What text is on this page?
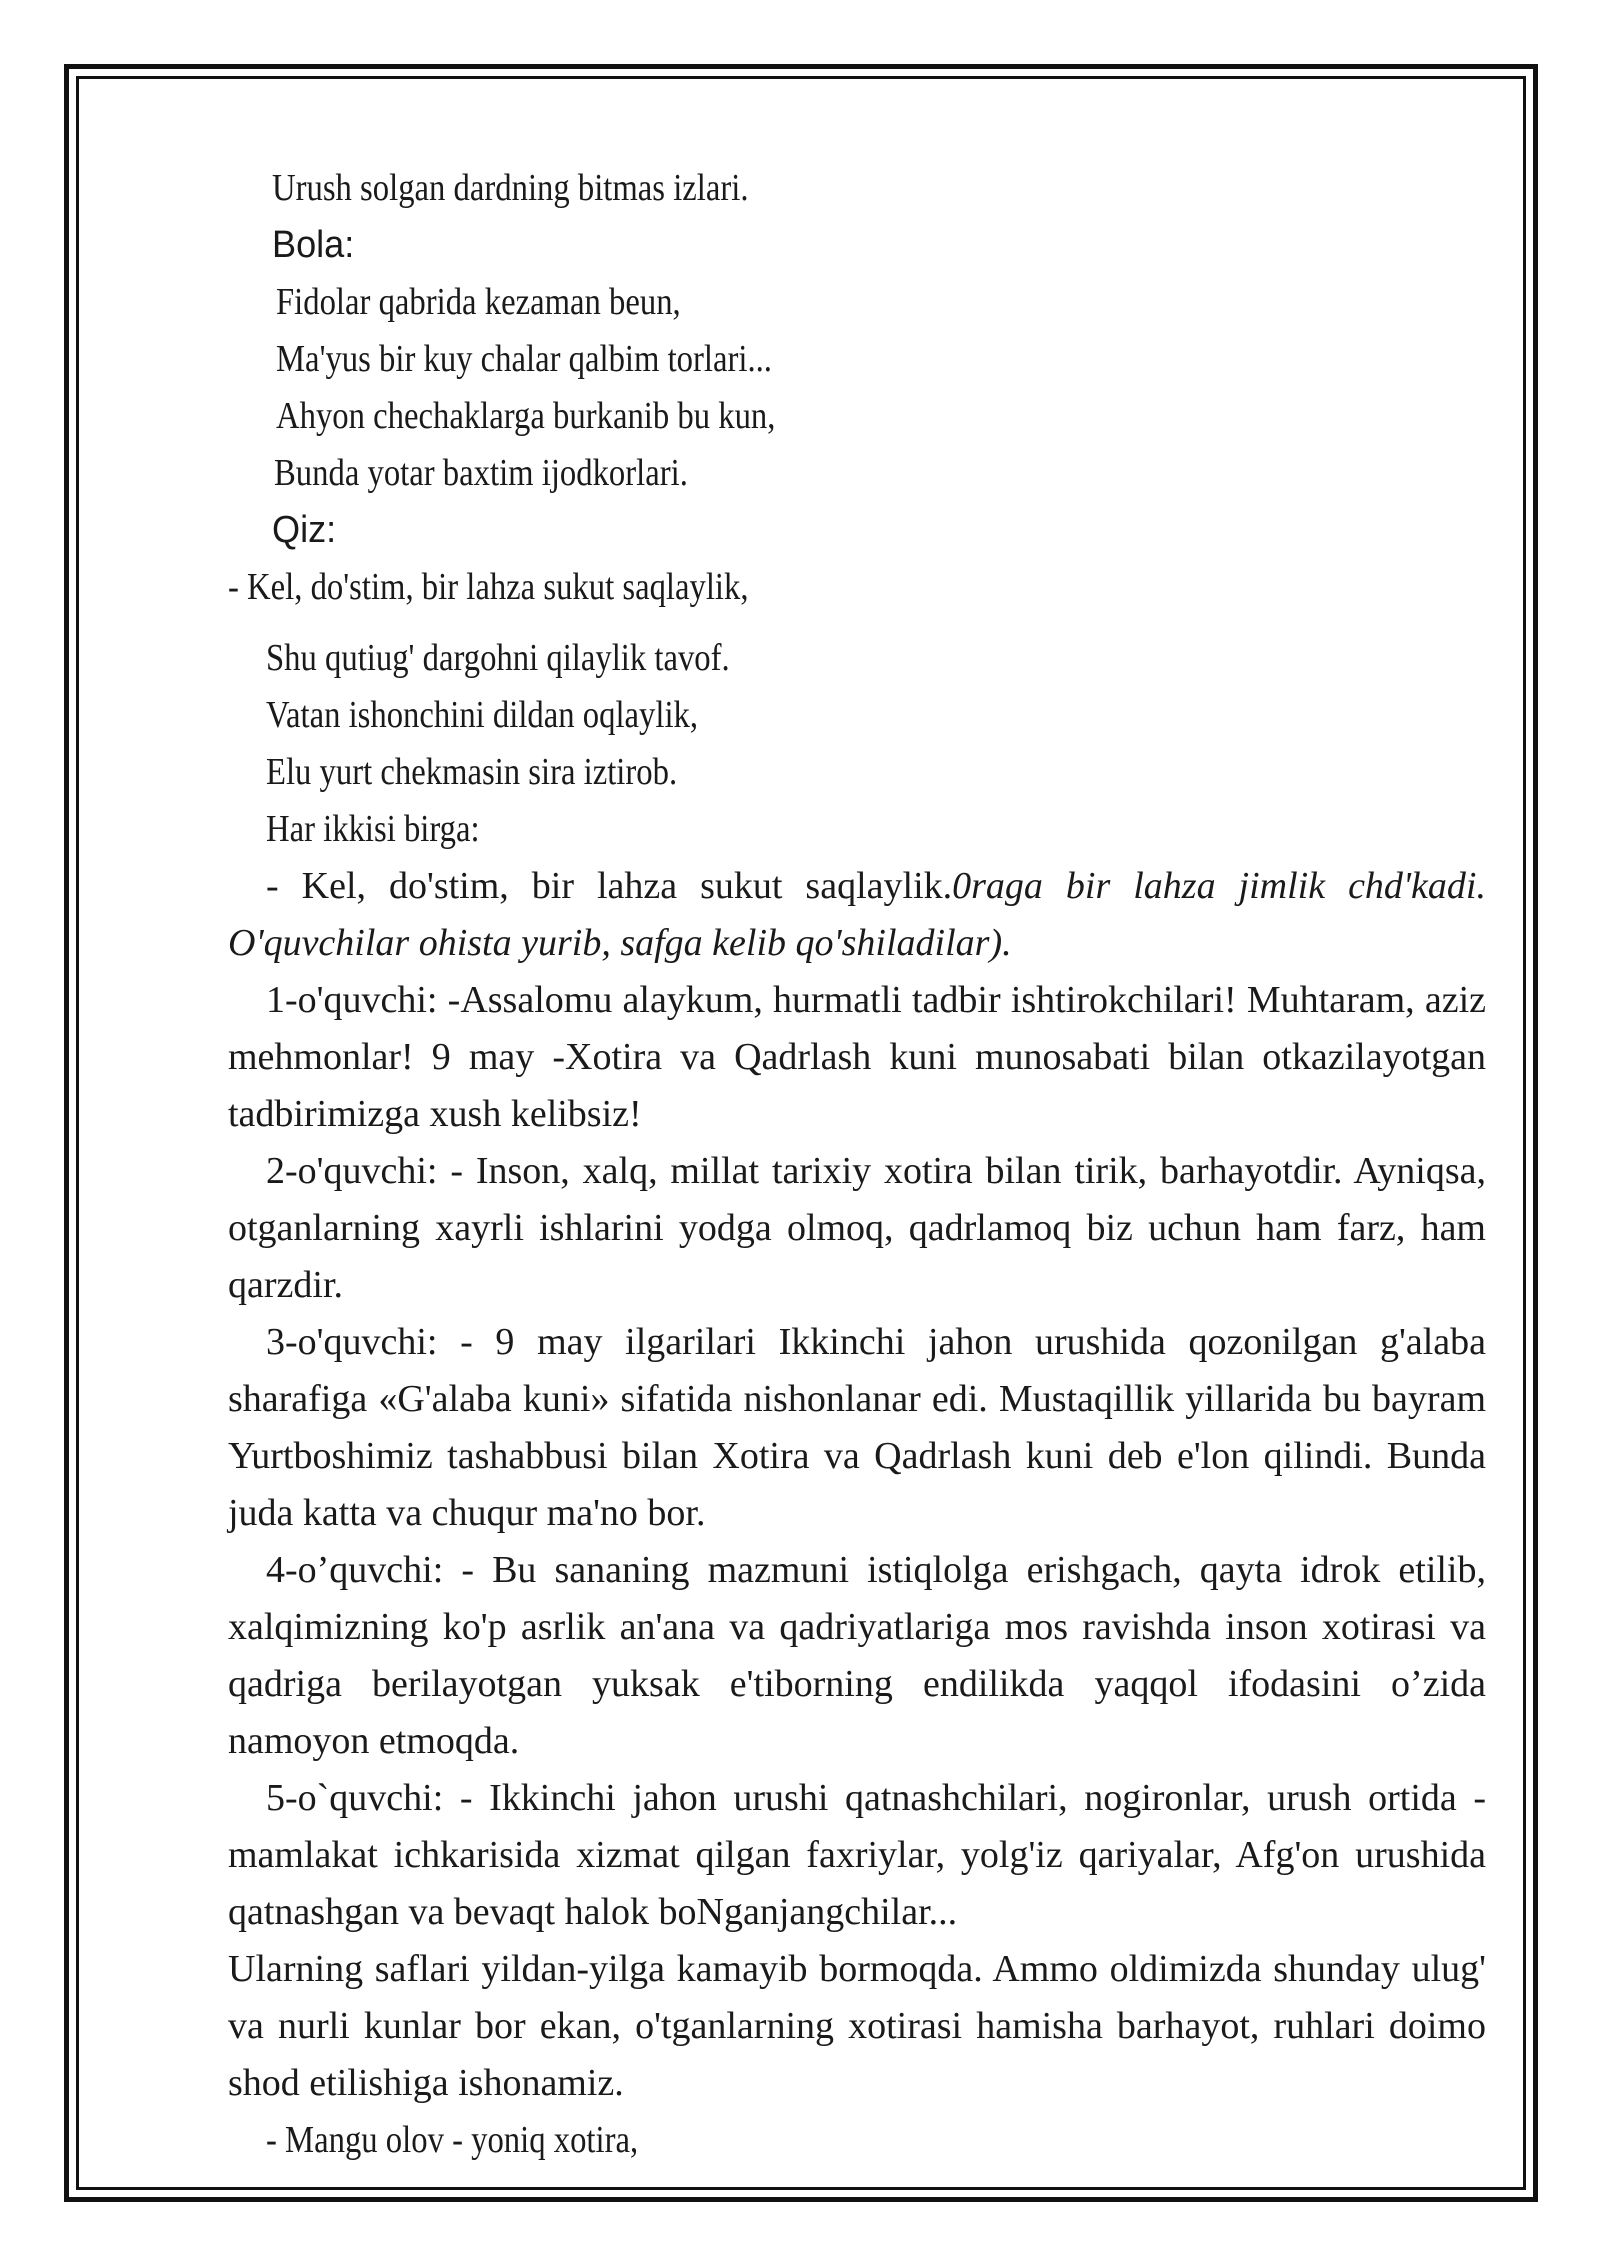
Urush solgan dardning bitmas izlari.
Bola:
Fidolar qabrida kezaman beun,
Ma'yus bir kuy chalar qalbim torlari...
Ahyon chechaklarga burkanib bu kun,
Bunda yotar baxtim ijodkorlari.
Qiz:
- Kel, do'stim, bir lahza sukut saqlaylik,
Shu qutiug' dargohni qilaylik tavof.
Vatan ishonchini dildan oqlaylik,
Elu yurt chekmasin sira iztirob.
Har ikkisi birga:
- Kel, do'stim, bir lahza sukut saqlaylik.0raga bir lahza jimlik chd'kadi. O'quvchilar ohista yurib, safga kelib qo'shiladilar).
1-o'quvchi: -Assalomu alaykum, hurmatli tadbir ishtirokchilari! Muhtaram, aziz mehmonlar! 9 may -Xotira va Qadrlash kuni munosabati bilan otkazilayotgan tadbirimizga xush kelibsiz!
2-o'quvchi: - Inson, xalq, millat tarixiy xotira bilan tirik, barhayotdir. Ayniqsa, otganlarning xayrli ishlarini yodga olmoq, qadrlamoq biz uchun ham farz, ham qarzdir.
3-o'quvchi: - 9 may ilgarilari Ikkinchi jahon urushida qozonilgan g'alaba sharafiga «G'alaba kuni» sifatida nishonlanar edi. Mustaqillik yillarida bu bayram Yurtboshimiz tashabbusi bilan Xotira va Qadrlash kuni deb e'lon qilindi. Bunda juda katta va chuqur ma'no bor.
4-o’quvchi: - Bu sananing mazmuni istiqlolga erishgach, qayta idrok etilib, xalqimizning ko'p asrlik an'ana va qadriyatlariga mos ravishda inson xotirasi va qadriga berilayotgan yuksak e'tiborning endilikda yaqqol ifodasini o’zida namoyon etmoqda.
5-o`quvchi: - Ikkinchi jahon urushi qatnashchilari, nogironlar, urush ortida - mamlakat ichkarisida xizmat qilgan faxriylar, yolg'iz qariyalar, Afg'on urushida qatnashgan va bevaqt halok boNganjangchilar...
Ularning saflari yildan-yilga kamayib bormoqda. Ammo oldimizda shunday ulug' va nurli kunlar bor ekan, o'tganlarning xotirasi hamisha barhayot, ruhlari doimo shod etilishiga ishonamiz.
- Mangu olov - yoniq xotira,
